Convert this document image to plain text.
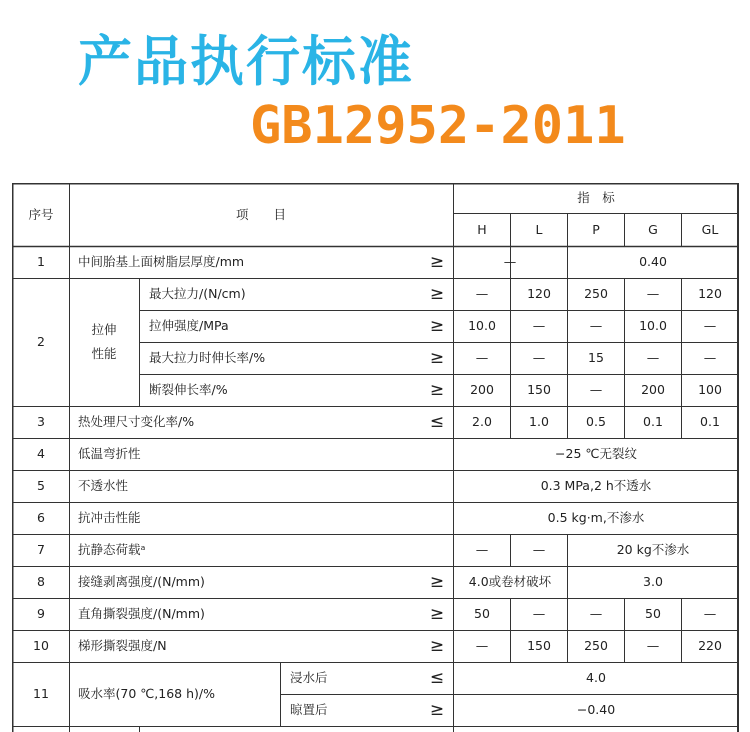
产品执行标准
GB12952-2011
序号	项　　目
指　标
H	L	P	G	GL
1	中间胎基上面树脂层厚度/mm	≥	—	0.40
2
拉伸
性能
最大拉力/(N/cm)	≥	—	120	250	—	120
拉伸强度/MPa	≥ 10.0	—	—	10.0	—
最大拉力时伸长率/%	≥	—	—	15	—	—
断裂伸长率/%	≥ 200	150	—	200	100
3	热处理尺寸变化率/%	≤ 2.0	1.0	0.5	0.1	0.1
4	低温弯折性	−25 ℃无裂纹
5	不透水性	0.3 MPa,2 h不透水
6	抗冲击性能	0.5 kg·m,不渗水
7	抗静态荷载ᵃ	—	—	20 kg不渗水
8	接缝剥离强度/(N/mm)	≥ 4.0或卷材破坏	3.0
9	直角撕裂强度/(N/mm)	≥ 50	—	—	50	—
10 梯形撕裂强度/N	≥	—	150	250	—	220
11 吸水率(70 ℃,168 h)/%
浸水后	≤	4.0
晾置后	≥	−0.40
